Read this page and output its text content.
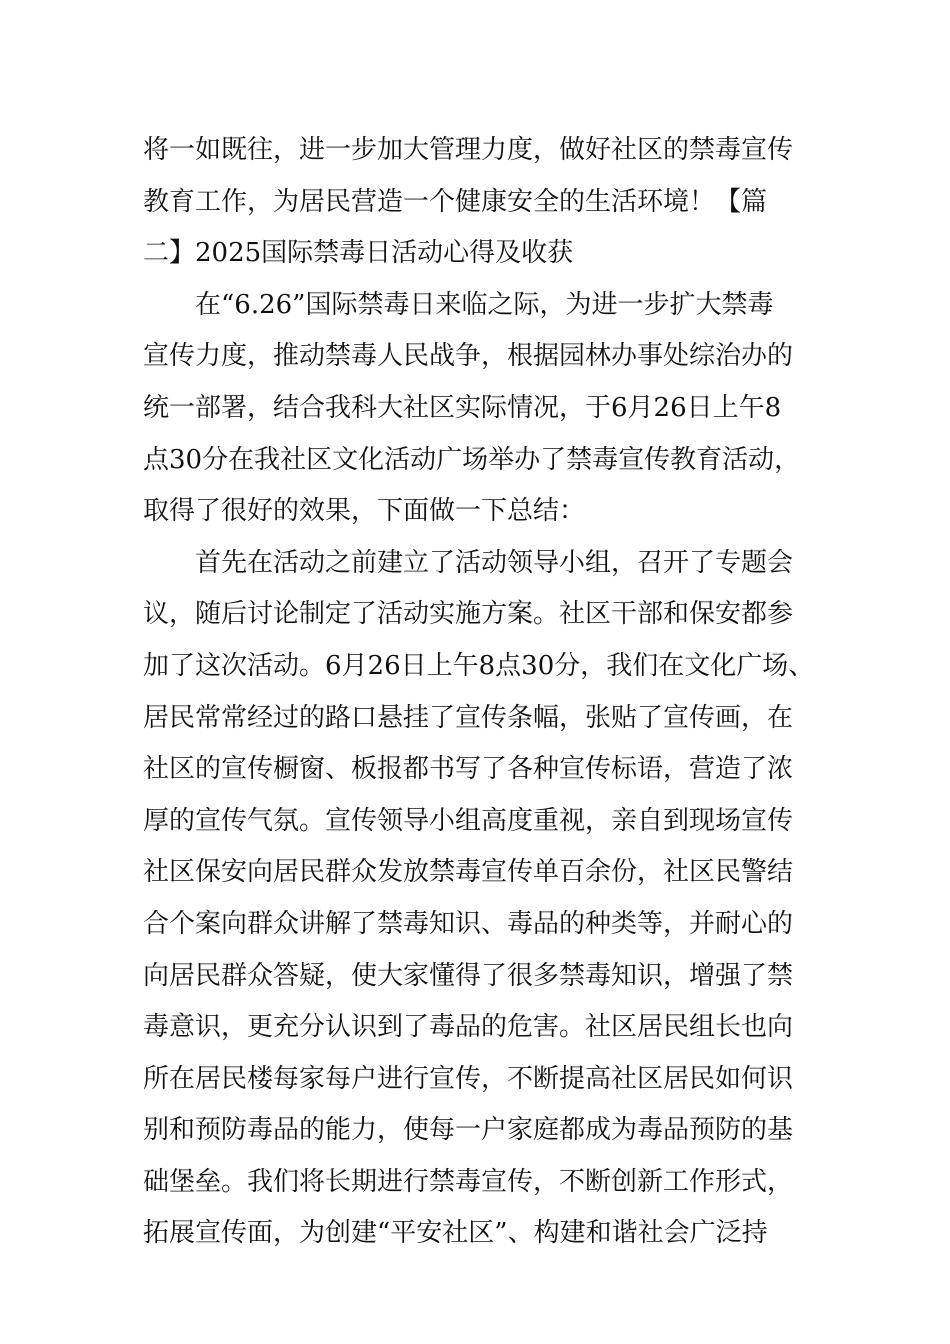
将一如既往，进一步加大管理力度，做好社区的禁毒宣传
教育工作，为居民营造一个健康安全的生活环境！【篇
二】2025国际禁毒日活动心得及收获
在“6.26”国际禁毒日来临之际，为进一步扩大禁毒
宣传力度，推动禁毒人民战争，根据园林办事处综治办的
统一部署，结合我科大社区实际情况，于6月26日上午8
点30分在我社区文化活动广场举办了禁毒宣传教育活动，
取得了很好的效果，下面做一下总结：
首先在活动之前建立了活动领导小组，召开了专题会
议，随后讨论制定了活动实施方案。社区干部和保安都参
加了这次活动。6月26日上午8点30分，我们在文化广场、
居民常常经过的路口悬挂了宣传条幅，张贴了宣传画，在
社区的宣传橱窗、板报都书写了各种宣传标语，营造了浓
厚的宣传气氛。宣传领导小组高度重视，亲自到现场宣传
社区保安向居民群众发放禁毒宣传单百余份，社区民警结
合个案向群众讲解了禁毒知识、毒品的种类等，并耐心的
向居民群众答疑，使大家懂得了很多禁毒知识，增强了禁
毒意识，更充分认识到了毒品的危害。社区居民组长也向
所在居民楼每家每户进行宣传，不断提高社区居民如何识
别和预防毒品的能力，使每一户家庭都成为毒品预防的基
础堡垒。我们将长期进行禁毒宣传，不断创新工作形式，
拓展宣传面，为创建“平安社区”、构建和谐社会广泛持
